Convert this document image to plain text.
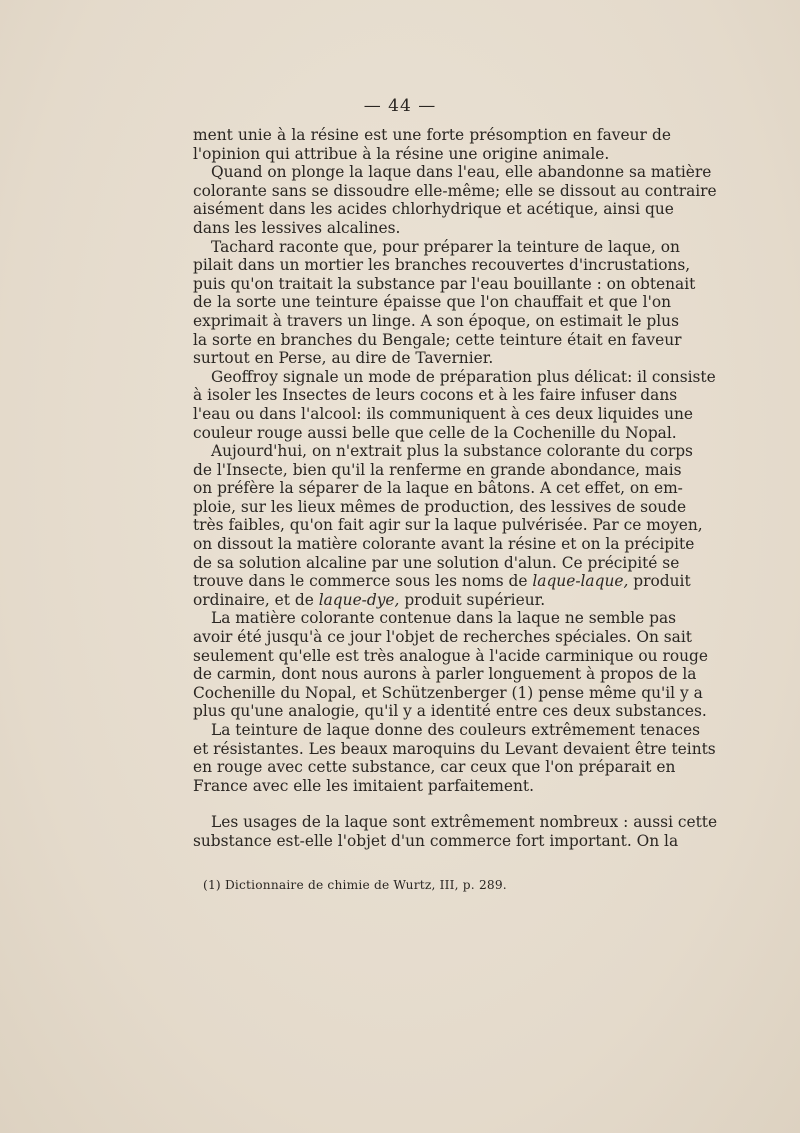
— 44 —
ment unie à la résine est une forte présomption en faveur de
l'opinion qui attribue à la résine une origine animale.
Quand on plonge la laque dans l'eau, elle abandonne sa matière
colorante sans se dissoudre elle-même; elle se dissout au contraire
aisément dans les acides chlorhydrique et acétique, ainsi que
dans les lessives alcalines.
Tachard raconte que, pour préparer la teinture de laque, on
pilait dans un mortier les branches recouvertes d'incrustations,
puis qu'on traitait la substance par l'eau bouillante : on obtenait
de la sorte une teinture épaisse que l'on chauffait et que l'on
exprimait à travers un linge. A son époque, on estimait le plus
la sorte en branches du Bengale; cette teinture était en faveur
surtout en Perse, au dire de Tavernier.
Geoffroy signale un mode de préparation plus délicat: il consiste
à isoler les Insectes de leurs cocons et à les faire infuser dans
l'eau ou dans l'alcool: ils communiquent à ces deux liquides une
couleur rouge aussi belle que celle de la Cochenille du Nopal.
Aujourd'hui, on n'extrait plus la substance colorante du corps
de l'Insecte, bien qu'il la renferme en grande abondance, mais
on préfère la séparer de la laque en bâtons. A cet effet, on em-
ploie, sur les lieux mêmes de production, des lessives de soude
très faibles, qu'on fait agir sur la laque pulvérisée. Par ce moyen,
on dissout la matière colorante avant la résine et on la précipite
de sa solution alcaline par une solution d'alun. Ce précipité se
trouve dans le commerce sous les noms de laque-laque, produit
ordinaire, et de laque-dye, produit supérieur.
La matière colorante contenue dans la laque ne semble pas
avoir été jusqu'à ce jour l'objet de recherches spéciales. On sait
seulement qu'elle est très analogue à l'acide carminique ou rouge
de carmin, dont nous aurons à parler longuement à propos de la
Cochenille du Nopal, et Schützenberger (1) pense même qu'il y a
plus qu'une analogie, qu'il y a identité entre ces deux substances.
La teinture de laque donne des couleurs extrêmement tenaces
et résistantes. Les beaux maroquins du Levant devaient être teints
en rouge avec cette substance, car ceux que l'on préparait en
France avec elle les imitaient parfaitement.
Les usages de la laque sont extrêmement nombreux : aussi cette
substance est-elle l'objet d'un commerce fort important. On la
(1) Dictionnaire de chimie de Wurtz, III, p. 289.
